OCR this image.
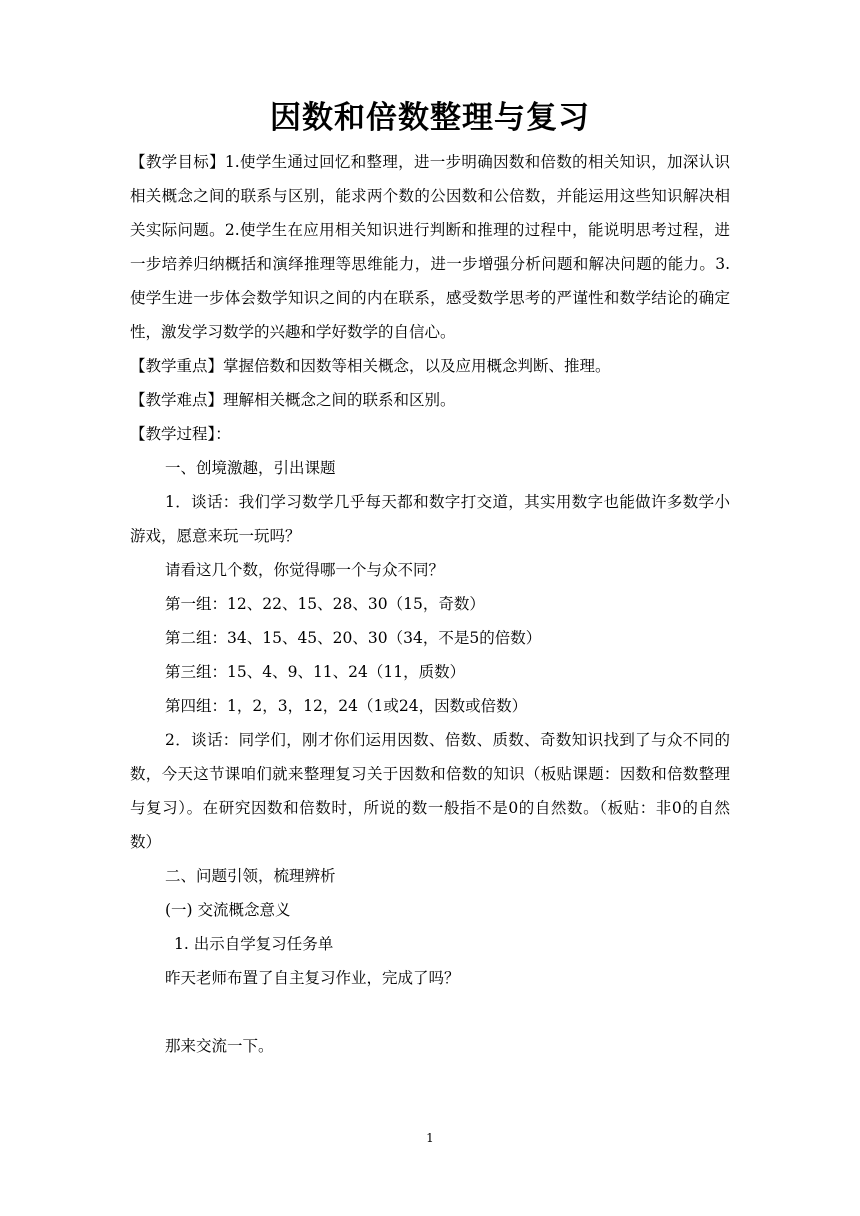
因数和倍数整理与复习

【教学目标】1.使学生通过回忆和整理，进一步明确因数和倍数的相关知识，加深认识相关概念之间的联系与区别，能求两个数的公因数和公倍数，并能运用这些知识解决相关实际问题。2.使学生在应用相关知识进行判断和推理的过程中，能说明思考过程，进一步培养归纳概括和演绎推理等思维能力，进一步增强分析问题和解决问题的能力。3.使学生进一步体会数学知识之间的内在联系，感受数学思考的严谨性和数学结论的确定性，激发学习数学的兴趣和学好数学的自信心。

【教学重点】掌握倍数和因数等相关概念，以及应用概念判断、推理。

【教学难点】理解相关概念之间的联系和区别。

【教学过程】：

一、创境激趣，引出课题

1．谈话：我们学习数学几乎每天都和数字打交道，其实用数字也能做许多数学小游戏，愿意来玩一玩吗？

请看这几个数，你觉得哪一个与众不同？

第一组：12、22、15、28、30（15，奇数）

第二组：34、15、45、20、30（34，不是5的倍数）

第三组：15、4、9、11、24（11，质数）

第四组：1，2，3，12，24（1或24，因数或倍数）

2．谈话：同学们，刚才你们运用因数、倍数、质数、奇数知识找到了与众不同的数，今天这节课咱们就来整理复习关于因数和倍数的知识（板贴课题：因数和倍数整理与复习）。在研究因数和倍数时，所说的数一般指不是0的自然数。（板贴：非0的自然数）

二、问题引领，梳理辨析

(一) 交流概念意义

1. 出示自学复习任务单

昨天老师布置了自主复习作业，完成了吗？

那来交流一下。

1
